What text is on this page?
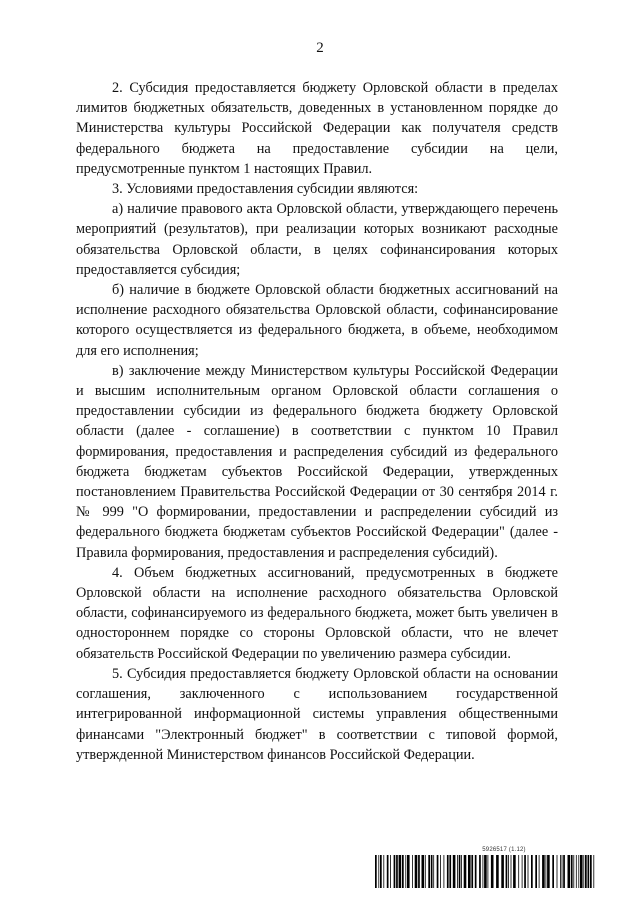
2

2. Субсидия предоставляется бюджету Орловской области в пределах лимитов бюджетных обязательств, доведенных в установленном порядке до Министерства культуры Российской Федерации как получателя средств федерального бюджета на предоставление субсидии на цели, предусмотренные пунктом 1 настоящих Правил.

3. Условиями предоставления субсидии являются:

а) наличие правового акта Орловской области, утверждающего перечень мероприятий (результатов), при реализации которых возникают расходные обязательства Орловской области, в целях софинансирования которых предоставляется субсидия;

б) наличие в бюджете Орловской области бюджетных ассигнований на исполнение расходного обязательства Орловской области, софинансирование которого осуществляется из федерального бюджета, в объеме, необходимом для его исполнения;

в) заключение между Министерством культуры Российской Федерации и высшим исполнительным органом Орловской области соглашения о предоставлении субсидии из федерального бюджета бюджету Орловской области (далее - соглашение) в соответствии с пунктом 10 Правил формирования, предоставления и распределения субсидий из федерального бюджета бюджетам субъектов Российской Федерации, утвержденных постановлением Правительства Российской Федерации от 30 сентября 2014 г. № 999 "О формировании, предоставлении и распределении субсидий из федерального бюджета бюджетам субъектов Российской Федерации" (далее - Правила формирования, предоставления и распределения субсидий).

4. Объем бюджетных ассигнований, предусмотренных в бюджете Орловской области на исполнение расходного обязательства Орловской области, софинансируемого из федерального бюджета, может быть увеличен в одностороннем порядке со стороны Орловской области, что не влечет обязательств Российской Федерации по увеличению размера субсидии.

5. Субсидия предоставляется бюджету Орловской области на основании соглашения, заключенного с использованием государственной интегрированной информационной системы управления общественными финансами "Электронный бюджет" в соответствии с типовой формой, утвержденной Министерством финансов Российской Федерации.

5926517 (1.12)
